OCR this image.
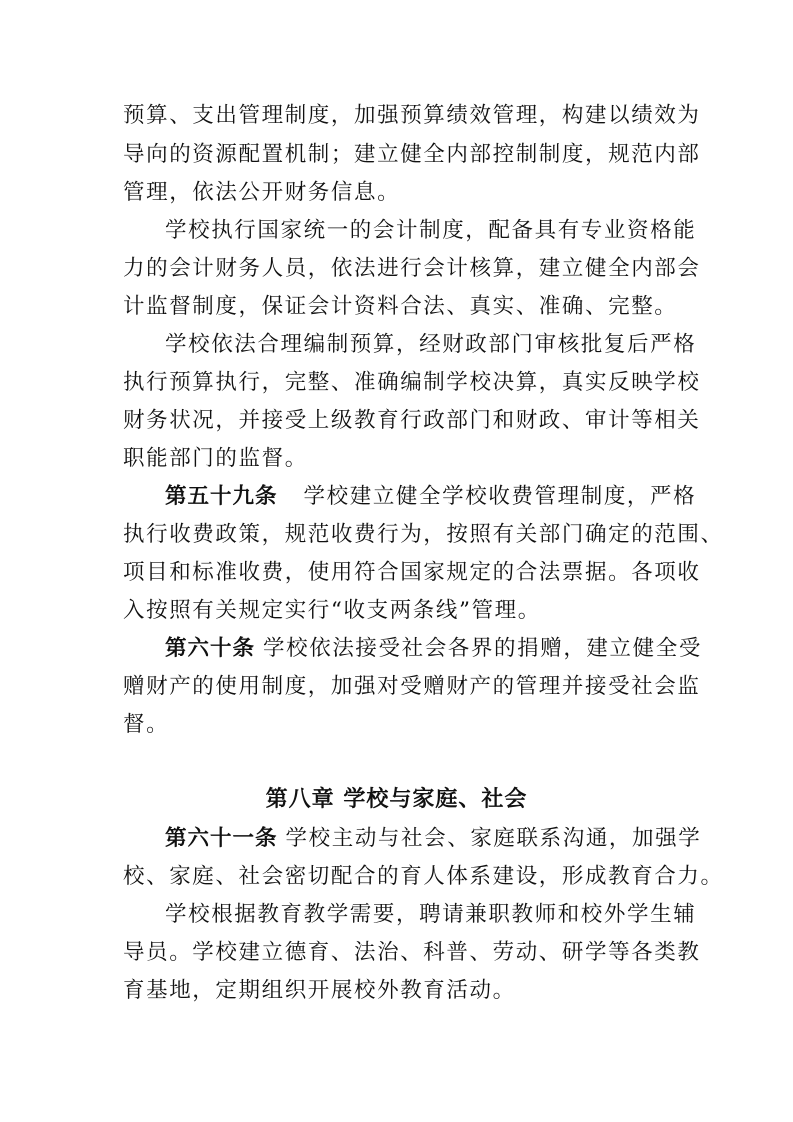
预算、支出管理制度，加强预算绩效管理，构建以绩效为
导向的资源配置机制；建立健全内部控制制度，规范内部
管理，依法公开财务信息。
学校执行国家统一的会计制度，配备具有专业资格能
力的会计财务人员，依法进行会计核算，建立健全内部会
计监督制度，保证会计资料合法、真实、准确、完整。
学校依法合理编制预算，经财政部门审核批复后严格
执行预算执行，完整、准确编制学校决算，真实反映学校
财务状况，并接受上级教育行政部门和财政、审计等相关
职能部门的监督。
第五十九条 学校建立健全学校收费管理制度，严格
执行收费政策，规范收费行为，按照有关部门确定的范围、
项目和标准收费，使用符合国家规定的合法票据。各项收
入按照有关规定实行“收支两条线”管理。
第六十条 学校依法接受社会各界的捐赠，建立健全受
赠财产的使用制度，加强对受赠财产的管理并接受社会监
督。
第八章 学校与家庭、社会
第六十一条 学校主动与社会、家庭联系沟通，加强学
校、家庭、社会密切配合的育人体系建设，形成教育合力。
学校根据教育教学需要，聘请兼职教师和校外学生辅
导员。学校建立德育、法治、科普、劳动、研学等各类教
育基地，定期组织开展校外教育活动。
